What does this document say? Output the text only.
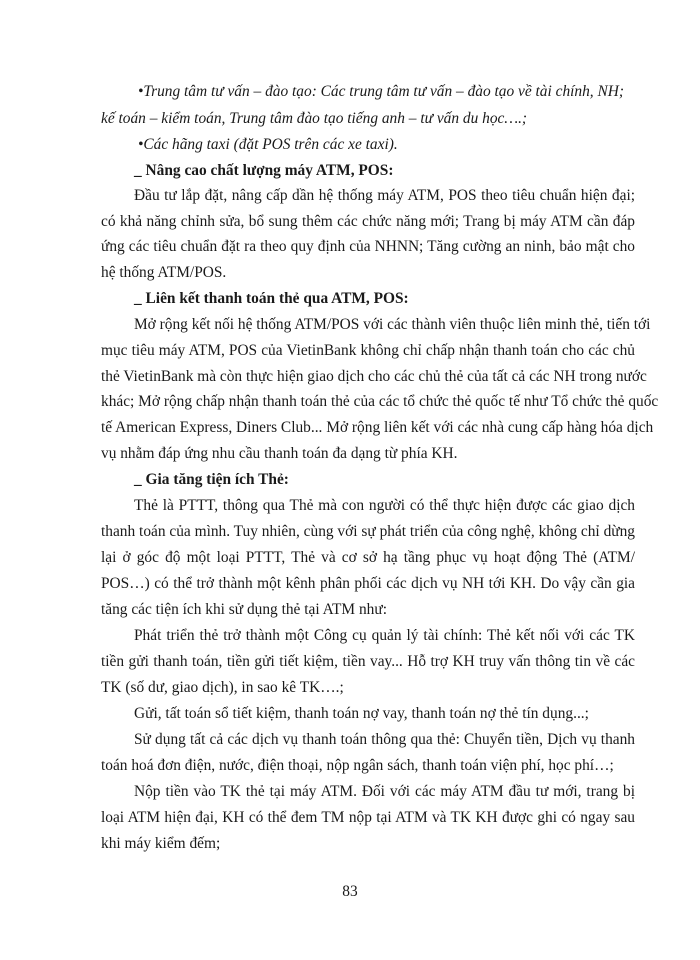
•Trung tâm tư vấn – đào tạo: Các trung tâm tư vấn – đào tạo về tài chính, NH;
kế toán – kiểm toán, Trung tâm đào tạo tiếng anh – tư vấn du học….;
•Các hãng taxi (đặt POS trên các xe taxi).
_ Nâng cao chất lượng máy ATM, POS:
Đầu tư lắp đặt, nâng cấp dần hệ thống máy ATM, POS theo tiêu chuẩn hiện đại;
có khả năng chỉnh sửa, bổ sung thêm các chức năng mới; Trang bị máy ATM cần đáp
ứng các tiêu chuẩn đặt ra theo quy định của NHNN; Tăng cường an ninh, bảo mật cho
hệ thống ATM/POS.
_ Liên kết thanh toán thẻ qua ATM, POS:
Mở rộng kết nối hệ thống ATM/POS với các thành viên thuộc liên minh thẻ, tiến tới
mục tiêu máy ATM, POS của VietinBank không chỉ chấp nhận thanh toán cho các chủ
thẻ VietinBank mà còn thực hiện giao dịch cho các chủ thẻ của tất cả các NH trong nước
khác; Mở rộng chấp nhận thanh toán thẻ của các tổ chức thẻ quốc tế như Tổ chức thẻ quốc
tế American Express, Diners Club... Mở rộng liên kết với các nhà cung cấp hàng hóa dịch
vụ nhằm đáp ứng nhu cầu thanh toán đa dạng từ phía KH.
_ Gia tăng tiện ích Thẻ:
Thẻ là PTTT, thông qua Thẻ mà con người có thể thực hiện được các giao dịch
thanh toán của mình. Tuy nhiên, cùng với sự phát triển của công nghệ, không chỉ dừng
lại ở góc độ một loại PTTT, Thẻ và cơ sở hạ tầng phục vụ hoạt động Thẻ (ATM/
POS…) có thể trở thành một kênh phân phối các dịch vụ NH tới KH. Do vậy cần gia
tăng các tiện ích khi sử dụng thẻ tại ATM như:
Phát triển thẻ trở thành một Công cụ quản lý tài chính: Thẻ kết nối với các TK
tiền gửi thanh toán, tiền gửi tiết kiệm, tiền vay... Hỗ trợ KH truy vấn thông tin về các
TK (số dư, giao dịch), in sao kê TK….;
Gửi, tất toán sổ tiết kiệm, thanh toán nợ vay, thanh toán nợ thẻ tín dụng...;
Sử dụng tất cả các dịch vụ thanh toán thông qua thẻ: Chuyển tiền, Dịch vụ thanh
toán hoá đơn điện, nước, điện thoại, nộp ngân sách, thanh toán viện phí, học phí…;
Nộp tiền vào TK thẻ tại máy ATM. Đối với các máy ATM đầu tư mới, trang bị
loại ATM hiện đại, KH có thể đem TM nộp tại ATM và TK KH được ghi có ngay sau
khi máy kiểm đếm;
83
